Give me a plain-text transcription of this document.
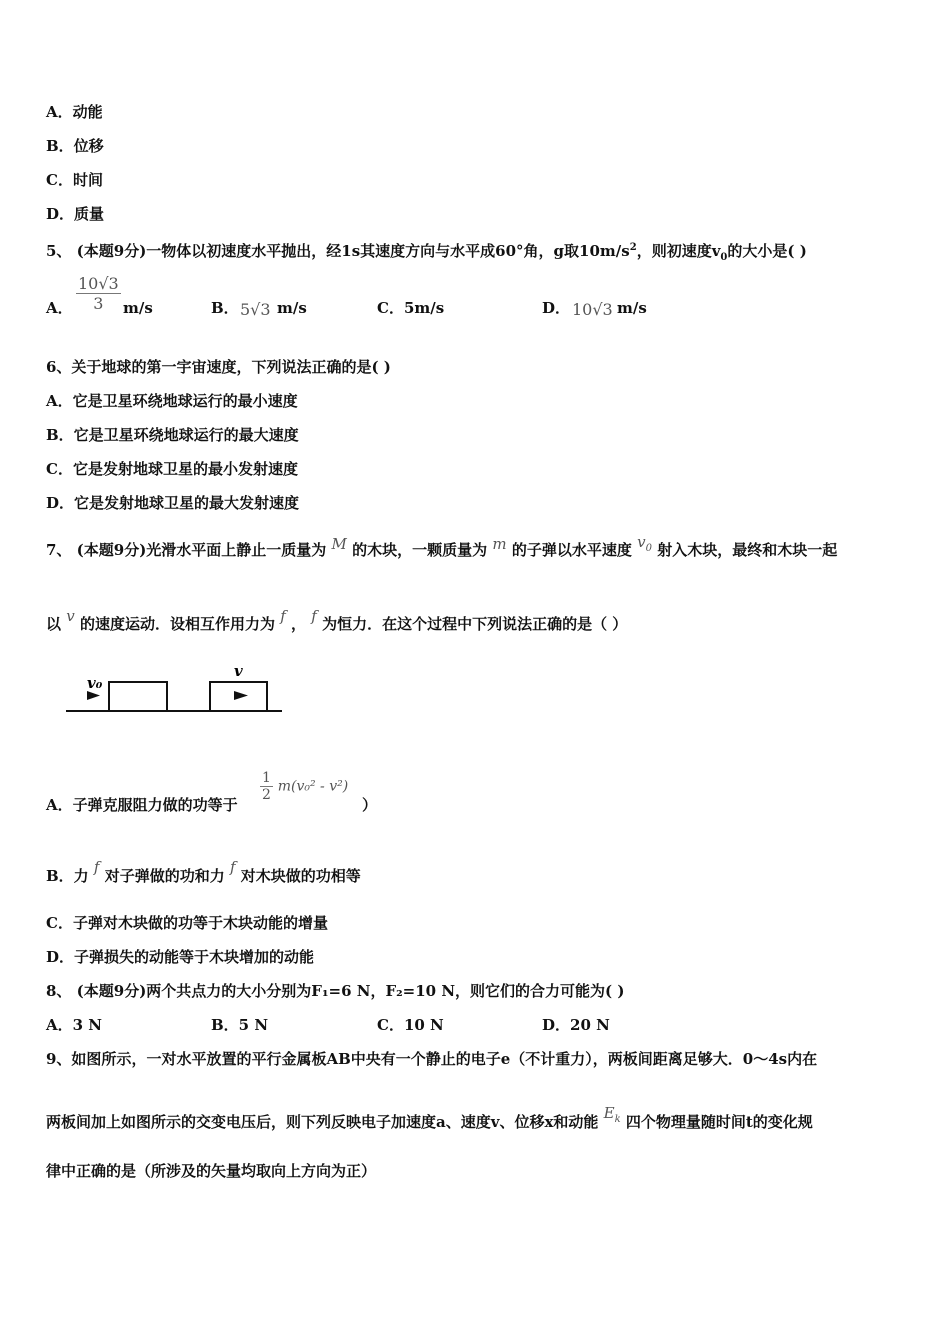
A．动能
B．位移
C．时间
D．质量
5、 (本题9分)一物体以初速度水平抛出，经1s其速度方向与水平成60°角，g取$10m/s^2$，则初速度$v_0$的大小是( )
A． $\frac{10√3}{3} m/s$	B． 5√3 m/s	C．5m/s	D． 10√3 m/s
6、关于地球的第一宇宙速度，下列说法正确的是( )
A．它是卫星环绕地球运行的最小速度
B．它是卫星环绕地球运行的最大速度
C．它是发射地球卫星的最小发射速度
D．它是发射地球卫星的最大发射速度
7、 (本题9分)光滑水平面上静止一质量为 M 的木块，一颗质量为 m 的子弹以水平速度 $v_0$ 射入木块，最终和木块一起
以 v 的速度运动．设相互作用力为 f ， f 为恒力．在这个过程中下列说法正确的是（ ）
v₀
v
A．子弹克服阻力做的功等于
$\frac{1}{2} m(v_0^2 - v^2)$
）
B．力 f 对子弹做的功和力 f 对木块做的功相等
C．子弹对木块做的功等于木块动能的增量
D．子弹损失的动能等于木块增加的动能
8、 (本题9分)两个共点力的大小分别为F₁=6 N，F₂=10 N，则它们的合力可能为( )
A．3 N	B．5 N	C．10 N	D．20 N
9、如图所示，一对水平放置的平行金属板AB中央有一个静止的电子e（不计重力），两板间距离足够大．0～4s内在
两板间加上如图所示的交变电压后，则下列反映电子加速度a、速度v、位移x和动能 $E_k$ 四个物理量随时间t的变化规
律中正确的是（所涉及的矢量均取向上方向为正）
